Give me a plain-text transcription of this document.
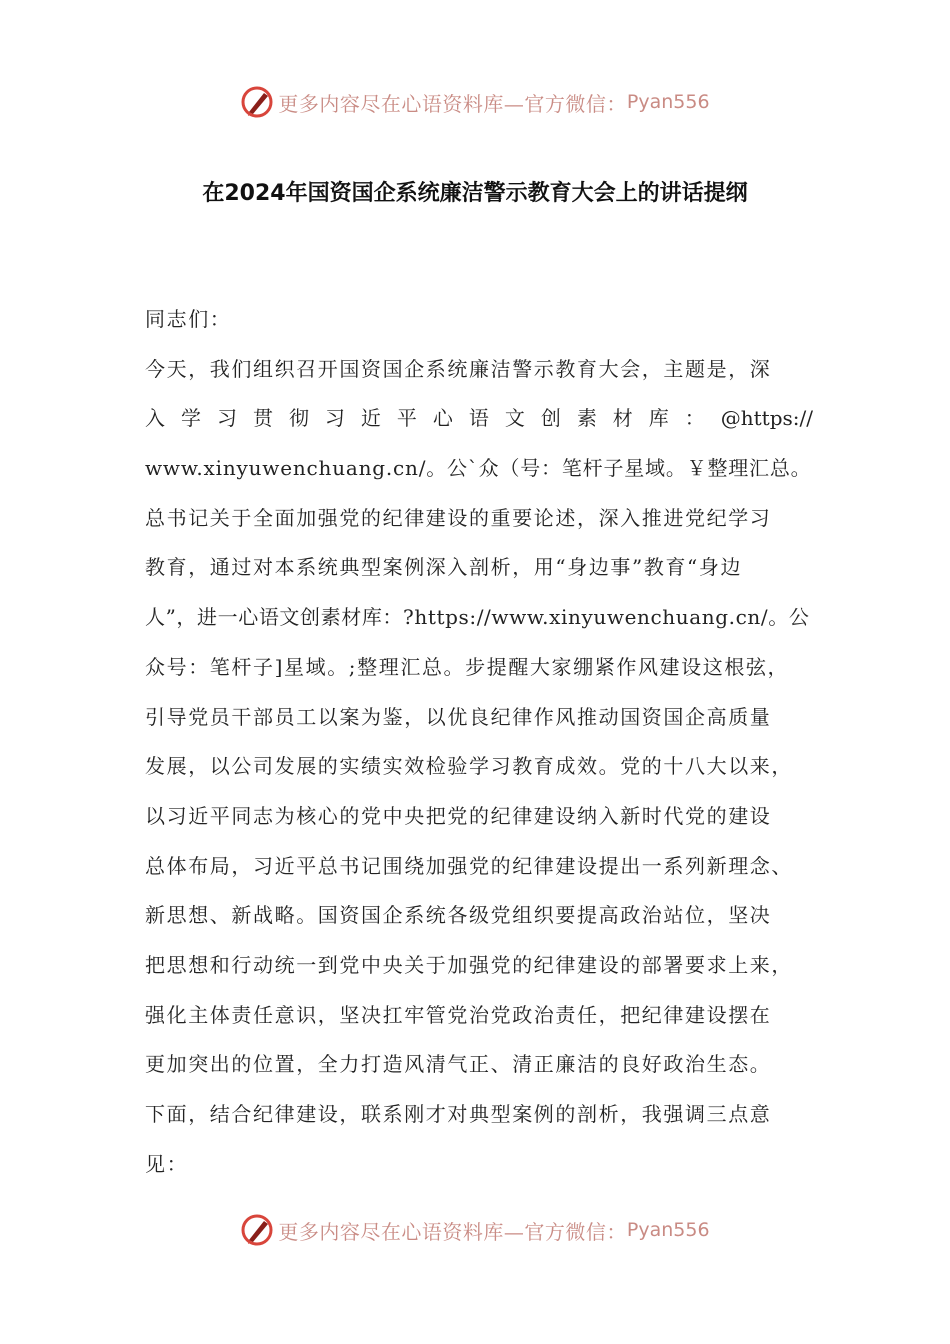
更多内容尽在心语资料库— 官方微信： Pyan556
在2024年国资国企系统廉洁警示教育大会上的讲话提纲
同志们：
今天，我们组织召开国资国企系统廉洁警示教育大会，主题是，深
入 学 习 贯 彻 习 近 平 心 语 文 创 素 材 库 ： @https://
www.xinyuwenchuang.cn/。公`众（号：笔杆子星域。￥整理汇总。
总书记关于全面加强党的纪律建设的重要论述，深入推进党纪学习
教育，通过对本系统典型案例深入剖析，用“身边事”教育“身边
人”，进一心语文创素材库：?https://www.xinyuwenchuang.cn/。公
众号：笔杆子]星域。;整理汇总。步提醒大家绷紧作风建设这根弦，
引导党员干部员工以案为鉴，以优良纪律作风推动国资国企高质量
发展，以公司发展的实绩实效检验学习教育成效。党的十八大以来，
以习近平同志为核心的党中央把党的纪律建设纳入新时代党的建设
总体布局，习近平总书记围绕加强党的纪律建设提出一系列新理念、
新思想、新战略。国资国企系统各级党组织要提高政治站位，坚决
把思想和行动统一到党中央关于加强党的纪律建设的部署要求上来，
强化主体责任意识，坚决扛牢管党治党政治责任，把纪律建设摆在
更加突出的位置，全力打造风清气正、清正廉洁的良好政治生态。
下面，结合纪律建设，联系刚才对典型案例的剖析，我强调三点意
见：
更多内容尽在心语资料库— 官方微信： Pyan556
